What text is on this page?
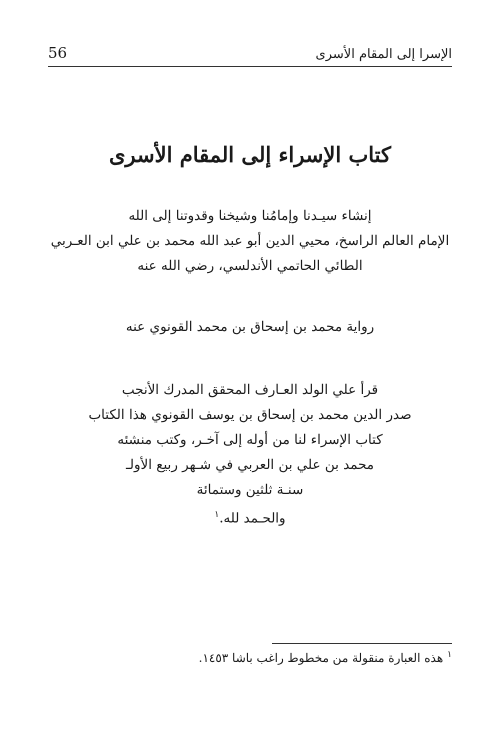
56	الإسرا إلى المقام الأسرى
كتاب الإسراء إلى المقام الأسرى
إنشاء سيـدنا وإمامُنا وشيخنا وقدوتنا إلى الله
الإمام العالم الراسخ، محيي الدين أبو عبد الله محمد بن علي ابن العـربي
الطائي الحاتمي الأندلسي، رضي الله عنه
رواية محمد بن إسحاق بن محمد القونوي عنه
قرأ علي الولد العـارف المحقق المدرك الأنجب
صدر الدين محمد بن إسحاق بن يوسف القونوي هذا الكتاب
كتاب الإسراء لنا من أوله إلى آخـر، وكتب منشئه
محمد بن علي بن العربي في شـهر ربيع الأولـ
سنـة ثلثين وستمائة
والحـمد لله.$^١$
$^١$هذه العبارة منقولة من مخطوط راغب باشا ١٤٥٣.
